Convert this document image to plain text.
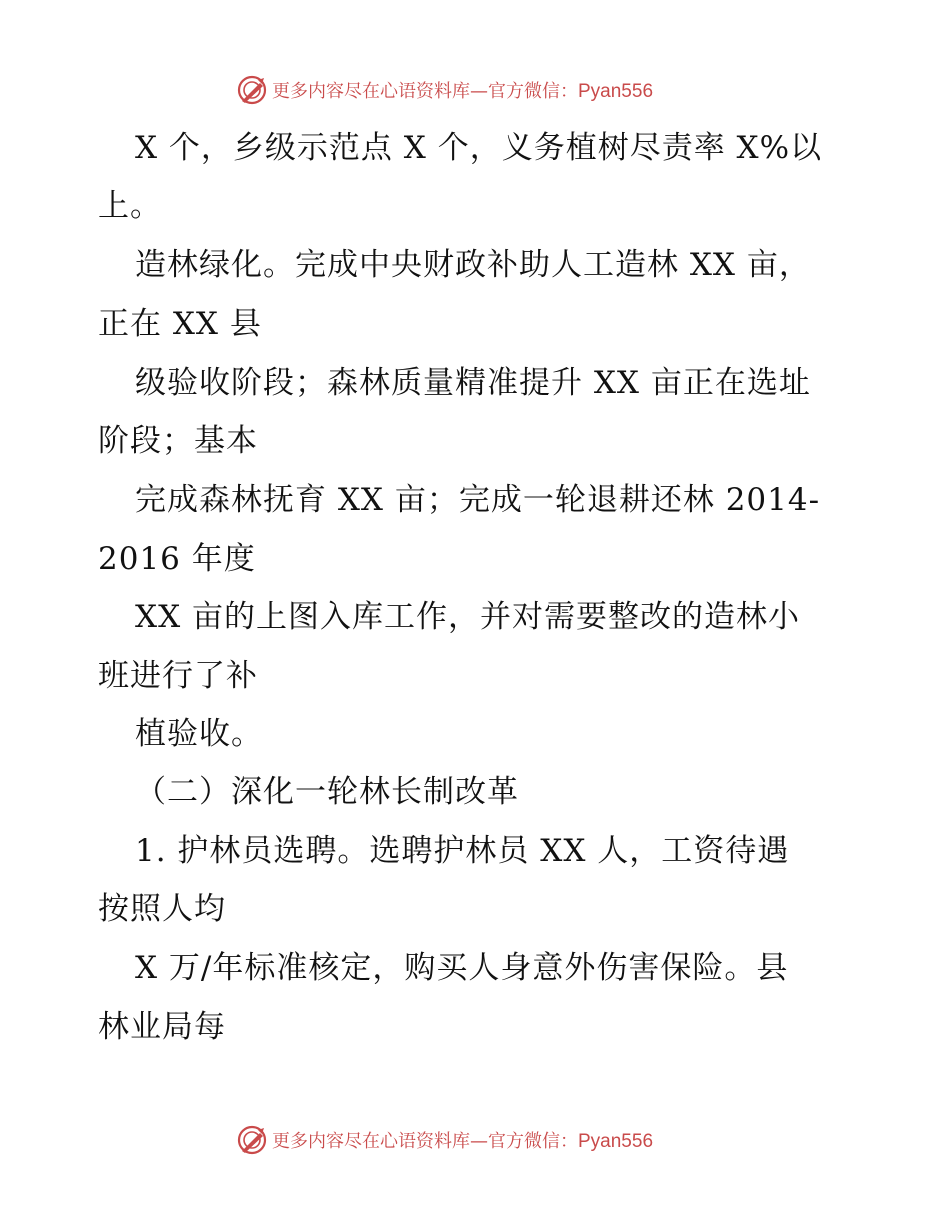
更多内容尽在心语资料库—官方微信：Pyan556
X 个，乡级示范点 X 个，义务植树尽责率 X%以
上。
造林绿化。完成中央财政补助人工造林 XX 亩，
正在 XX 县
级验收阶段；森林质量精准提升 XX 亩正在选址
阶段；基本
完成森林抚育 XX 亩；完成一轮退耕还林 2014-
2016 年度
XX 亩的上图入库工作，并对需要整改的造林小
班进行了补
植验收。
（二）深化一轮林长制改革
1. 护林员选聘。选聘护林员 XX 人，工资待遇
按照人均
X 万/年标准核定，购买人身意外伤害保险。县
林业局每
更多内容尽在心语资料库—官方微信：Pyan556
